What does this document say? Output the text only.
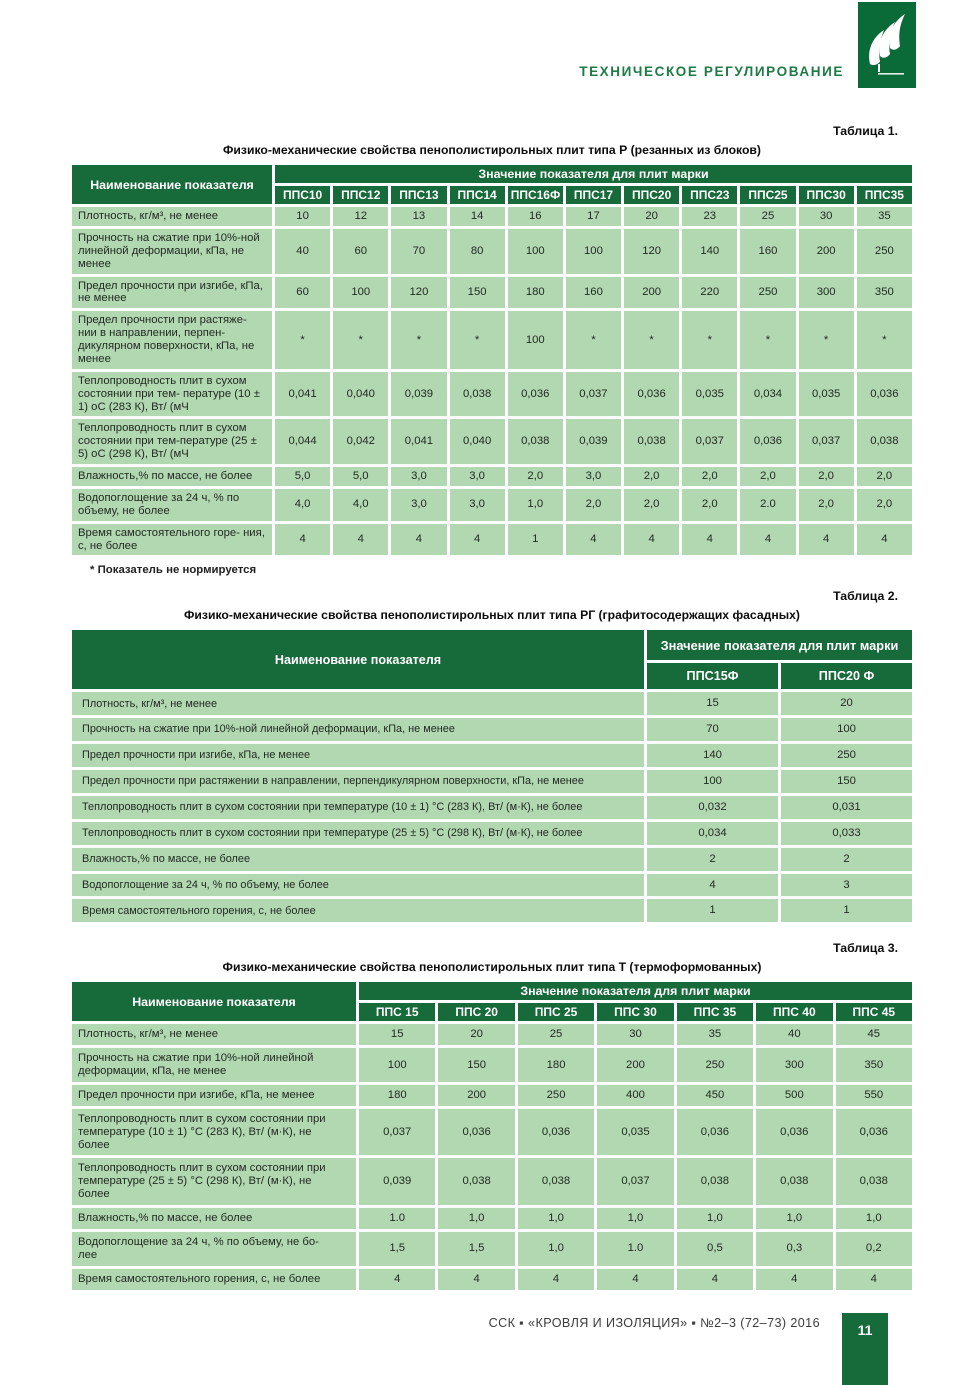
ТЕХНИЧЕСКОЕ РЕГУЛИРОВАНИЕ
Таблица 1.
Физико-механические свойства пенополистирольных плит типа Р (резанных из блоков)
Наименование показателя	Значение показателя для плит марки										
	ППС10	ППС12	ППС13	ППС14	ППС16Ф	ППС17	ППС20	ППС23	ППС25	ППС30	ППС35
Плотность, кг/м³, не менее	10	12	13	14	16	17	20	23	25	30	35
Прочность на сжатие при 10%-ной линейной деформации, кПа, не менее	40	60	70	80	100	100	120	140	160	200	250
Предел прочности при изгибе, кПа, не менее	60	100	120	150	180	160	200	220	250	300	350
Предел прочности при растяже- нии в направлении, перпен- дикулярном поверхности, кПа, не менее	*	*	*	*	100	*	*	*	*	*	*
Теплопроводность плит в сухом состоянии при тем- пературе (10 ± 1) оС (283 К), Вт/ (мЧ	0,041	0,040	0,039	0,038	0,036	0,037	0,036	0,035	0,034	0,035	0,036
Теплопроводность плит в сухом состоянии при тем-пературе (25 ± 5) оС (298 К), Вт/ (мЧ	0,044	0,042	0,041	0,040	0,038	0,039	0,038	0,037	0,036	0,037	0,038
Влажность,% по массе, не более	5,0	5,0	3,0	3,0	2,0	3,0	2,0	2,0	2,0	2,0	2,0
Водопоглощение за 24 ч, % по объему, не более	4,0	4,0	3,0	3,0	1,0	2,0	2,0	2,0	2.0	2,0	2,0
Время самостоятельного горе- ния, с, не более	4	4	4	4	1	4	4	4	4	4	4
* Показатель не нормируется
Таблица 2.
Физико-механические свойства пенополистирольных плит типа РГ (графитосодержащих фасадных)
Наименование показателя	Значение показателя для плит марки	
	ППС15Ф	ППС20 Ф
Плотность, кг/м³, не менее	15	20
Прочность на сжатие при 10%-ной линейной деформации, кПа, не менее	70	100
Предел прочности при изгибе, кПа, не менее	140	250
Предел прочности при растяжении в направлении, перпендикулярном поверхности, кПа, не менее	100	150
Теплопроводность плит в сухом состоянии при температуре (10 ± 1) °С (283 К), Вт/ (м·К), не более	0,032	0,031
Теплопроводность плит в сухом состоянии при температуре (25 ± 5) °С (298 К), Вт/ (м·К), не более	0,034	0,033
Влажность,% по массе, не более	2	2
Водопоглощение за 24 ч, % по объему, не более	4	3
Время самостоятельного горения, с, не более	1	1
Таблица 3.
Физико-механические свойства пенополистирольных плит типа Т (термоформованных)
Наименование показателя	Значение показателя для плит марки						
	ППС 15	ППС 20	ППС 25	ППС 30	ППС 35	ППС 40	ППС 45
Плотность, кг/м³, не менее	15	20	25	30	35	40	45
Прочность на сжатие при 10%-ной линейной деформации, кПа, не менее	100	150	180	200	250	300	350
Предел прочности при изгибе, кПа, не менее	180	200	250	400	450	500	550
Теплопроводность плит в сухом состоянии при температуре (10 ± 1) °С (283 К), Вт/ (м·К), не более	0,037	0,036	0,036	0,035	0,036	0,036	0,036
Теплопроводность плит в сухом состоянии при температуре (25 ± 5) °С (298 К), Вт/ (м·К), не более	0,039	0,038	0,038	0,037	0,038	0,038	0,038
Влажность,% по массе, не более	1.0	1,0	1,0	1,0	1,0	1,0	1,0
Водопоглощение за 24 ч, % по объему, не бо- лее	1,5	1,5	1,0	1.0	0,5	0,3	0,2
Время самостоятельного горения, с, не более	4	4	4	4	4	4	4
ССК ▪ «КРОВЛЯ И ИЗОЛЯЦИЯ» ▪ №2–3 (72–73) 2016	11
